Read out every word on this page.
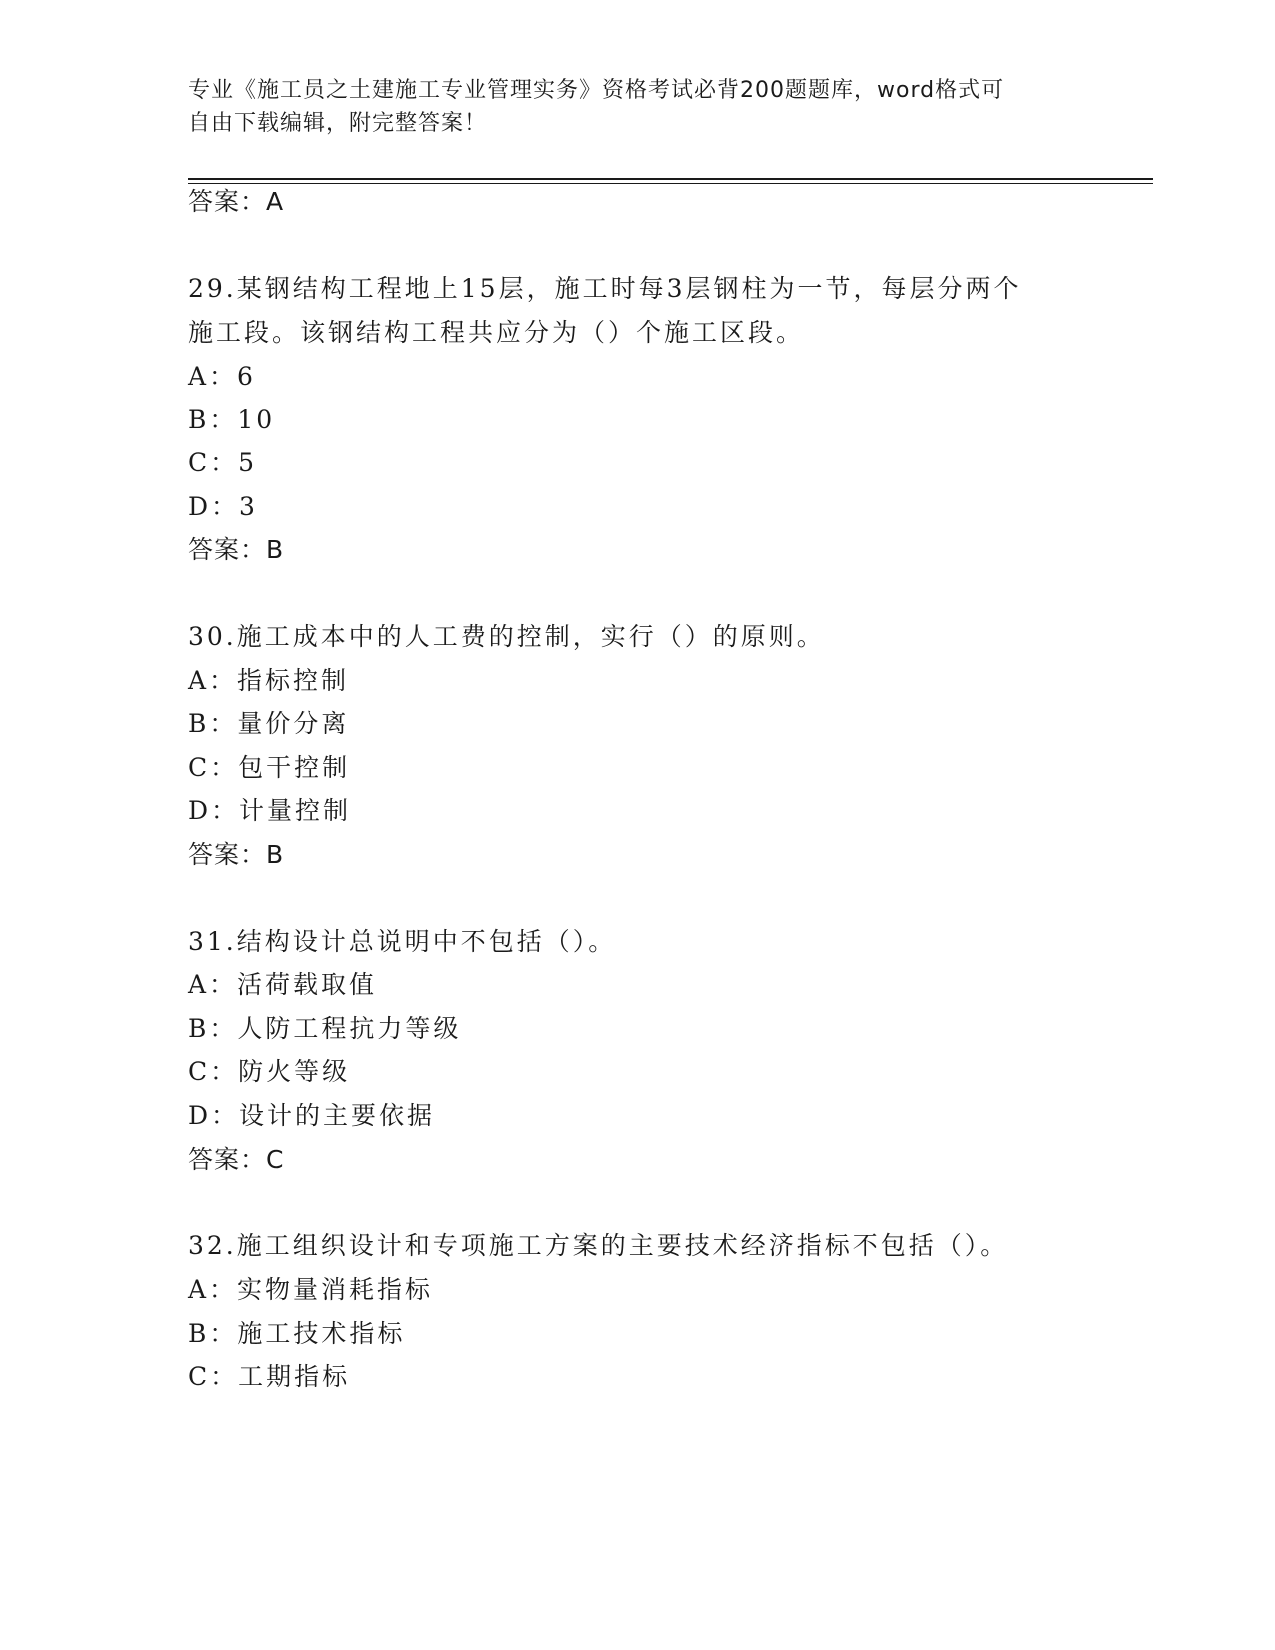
专业《施工员之土建施工专业管理实务》资格考试必背200题题库，word格式可
自由下载编辑，附完整答案！
答案：A
29.某钢结构工程地上15层，施工时每3层钢柱为一节，每层分两个
施工段。该钢结构工程共应分为（）个施工区段。
A：6
B：10
C：5
D：3
答案：B
30.施工成本中的人工费的控制，实行（）的原则。
A：指标控制
B：量价分离
C：包干控制
D：计量控制
答案：B
31.结构设计总说明中不包括（）。
A：活荷载取值
B：人防工程抗力等级
C：防火等级
D：设计的主要依据
答案：C
32.施工组织设计和专项施工方案的主要技术经济指标不包括（）。
A：实物量消耗指标
B：施工技术指标
C：工期指标
